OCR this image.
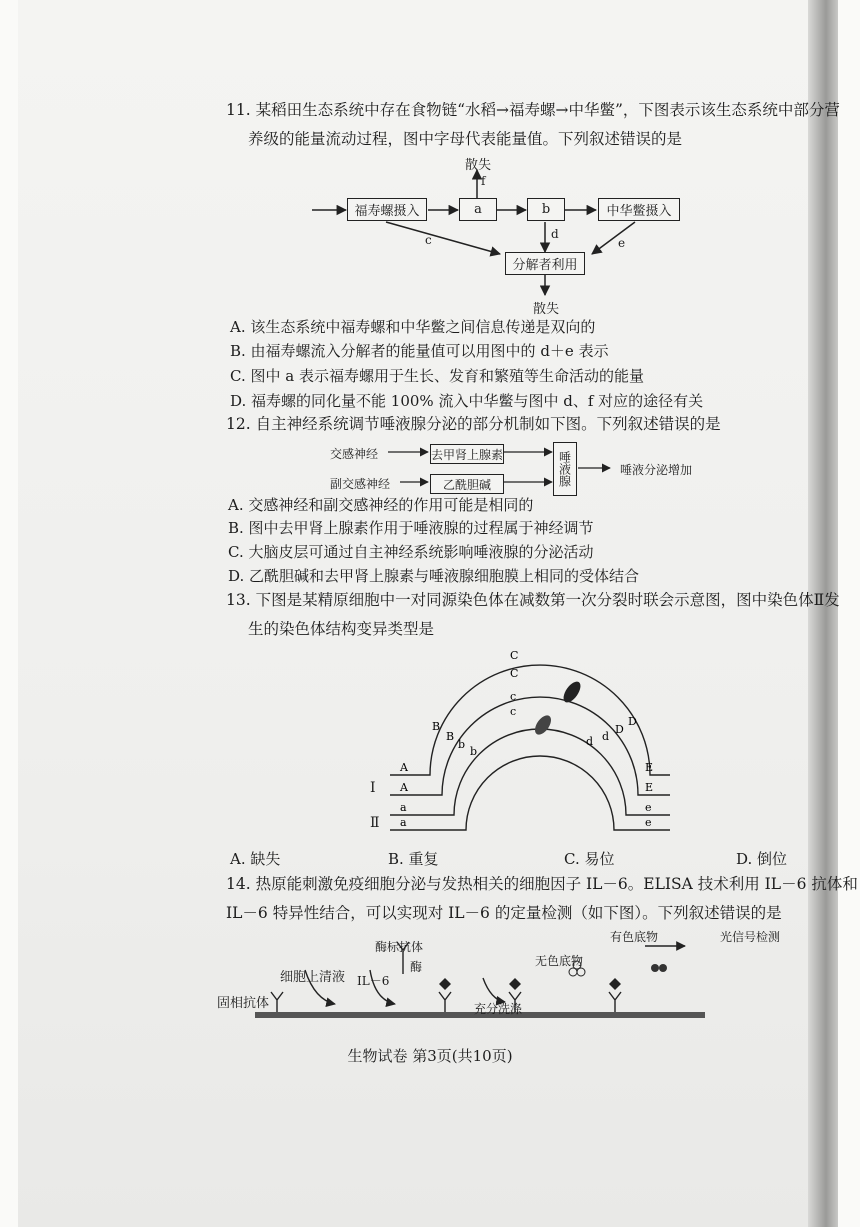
11. 某稻田生态系统中存在食物链“水稻→福寿螺→中华鳖”，下图表示该生态系统中部分营
养级的能量流动过程，图中字母代表能量值。下列叙述错误的是
散失
f
福寿螺摄入	a	b	中华鳖摄入
分解者利用
c	d
e
散失
A. 该生态系统中福寿螺和中华鳖之间信息传递是双向的
B. 由福寿螺流入分解者的能量值可以用图中的 d＋e 表示
C. 图中 a 表示福寿螺用于生长、发育和繁殖等生命活动的能量
D. 福寿螺的同化量不能 100% 流入中华鳖与图中 d、f 对应的途径有关
12. 自主神经系统调节唾液腺分泌的部分机制如下图。下列叙述错误的是
交感神经
副交感神经
去甲肾上腺素
乙酰胆碱	唾液腺	唾液分泌增加
A. 交感神经和副交感神经的作用可能是相同的
B. 图中去甲肾上腺素作用于唾液腺的过程属于神经调节
C. 大脑皮层可通过自主神经系统影响唾液腺的分泌活动
D. 乙酰胆碱和去甲肾上腺素与唾液腺细胞膜上相同的受体结合
13. 下图是某精原细胞中一对同源染色体在减数第一次分裂时联会示意图，图中染色体Ⅱ发
生的染色体结构变异类型是
C
C
c
c
B
B
b
b
D
D
d
d
A
A
a
a
E
E
e
e
Ⅰ
Ⅱ
A. 缺失	B. 重复	C. 易位	D. 倒位
14. 热原能刺激免疫细胞分泌与发热相关的细胞因子 IL－6。ELISA 技术利用 IL－6 抗体和
IL－6 特异性结合，可以实现对 IL－6 的定量检测（如下图）。下列叙述错误的是
固相抗体
细胞上清液 IL－6
酶标抗体
酶	无色底物
充分洗涤
有色底物	光信号检测
生物试卷 第3页(共10页)
